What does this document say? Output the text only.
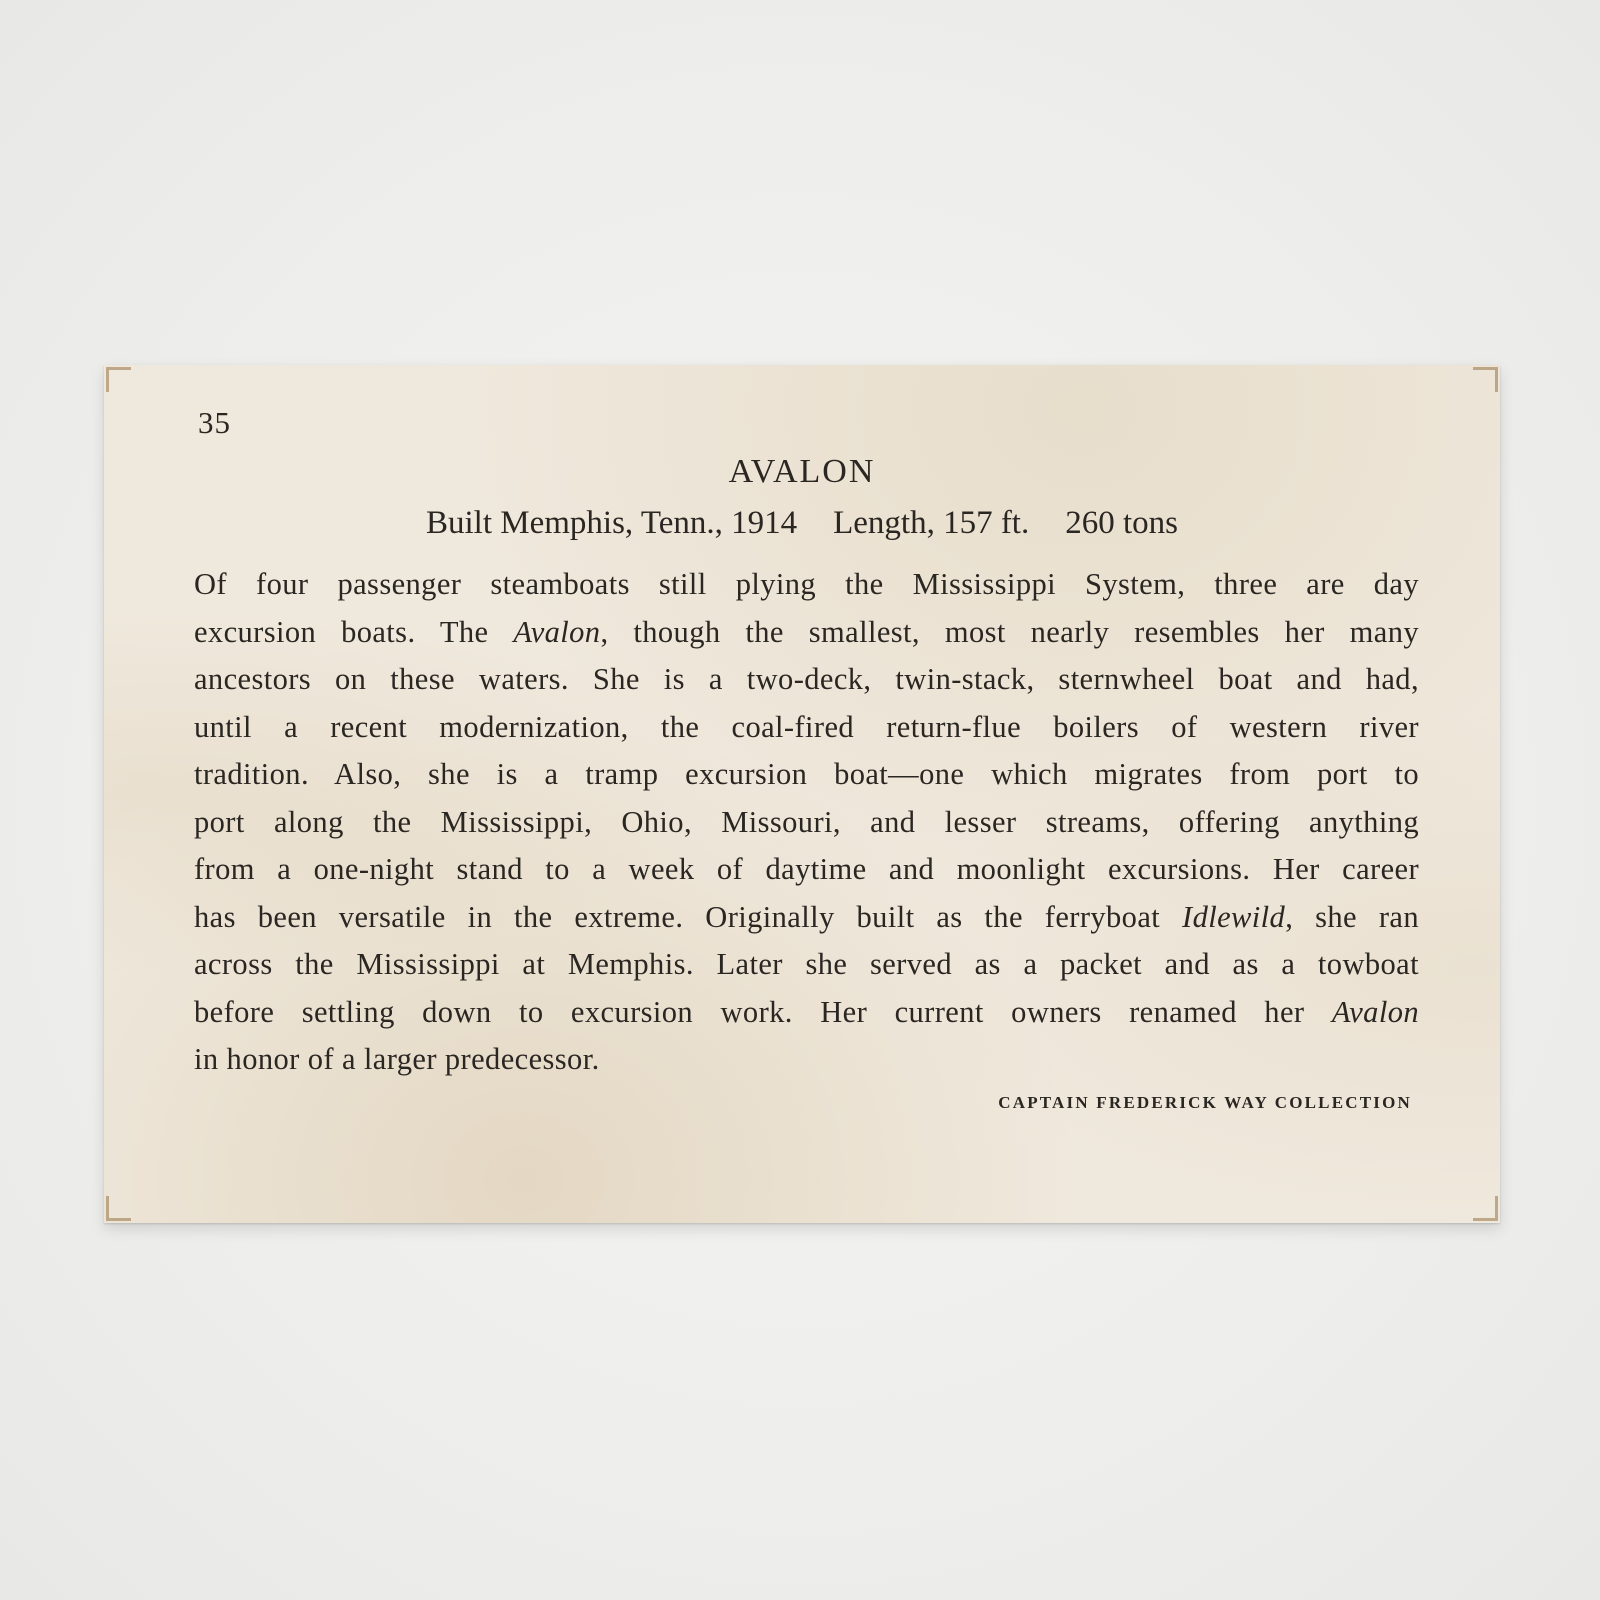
35
AVALON
Built Memphis, Tenn., 1914 Length, 157 ft. 260 tons
Of four passenger steamboats still plying the Mississippi System, three are day
excursion boats. The Avalon, though the smallest, most nearly resembles her many
ancestors on these waters. She is a two-deck, twin-stack, sternwheel boat and had,
until a recent modernization, the coal-fired return-flue boilers of western river
tradition. Also, she is a tramp excursion boat—one which migrates from port to
port along the Mississippi, Ohio, Missouri, and lesser streams, offering anything
from a one-night stand to a week of daytime and moonlight excursions. Her career
has been versatile in the extreme. Originally built as the ferryboat Idlewild, she ran
across the Mississippi at Memphis. Later she served as a packet and as a towboat
before settling down to excursion work. Her current owners renamed her Avalon
in honor of a larger predecessor.
CAPTAIN FREDERICK WAY COLLECTION
